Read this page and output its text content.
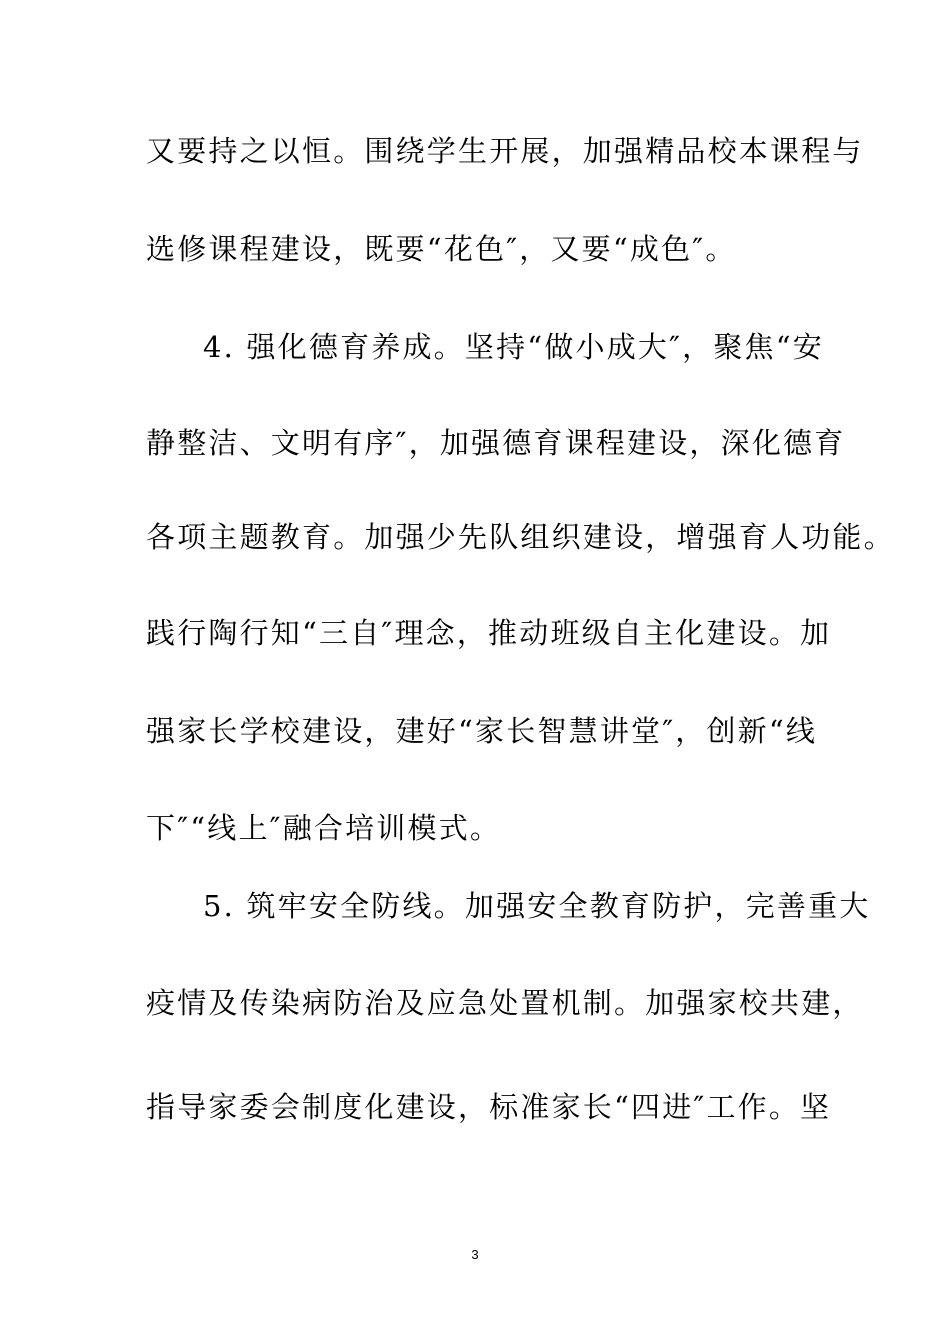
又要持之以恒。围绕学生开展，加强精品校本课程与
选修课程建设，既要“花色″，又要“成色″。
4. 强化德育养成。坚持“做小成大″，聚焦“安
静整洁、文明有序″，加强德育课程建设，深化德育
各项主题教育。加强少先队组织建设，增强育人功能。
践行陶行知“三自″理念，推动班级自主化建设。加
强家长学校建设，建好“家长智慧讲堂″，创新“线
下″“线上″融合培训模式。
5. 筑牢安全防线。加强安全教育防护，完善重大
疫情及传染病防治及应急处置机制。加强家校共建，
指导家委会制度化建设，标准家长“四进″工作。坚
3
